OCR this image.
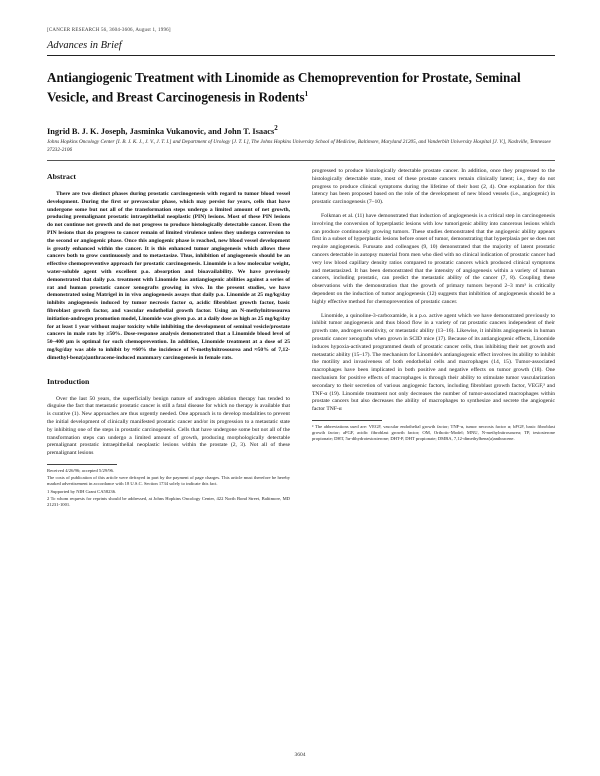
[CANCER RESEARCH 56, 3604-3606, August 1, 1996]
Advances in Brief
Antiangiogenic Treatment with Linomide as Chemoprevention for Prostate, Seminal Vesicle, and Breast Carcinogenesis in Rodents$^1$
Ingrid B. J. K. Joseph, Jasminka Vukanovic, and John T. Isaacs$^2$
Johns Hopkins Oncology Center [I. B. J. K. J., J. V., J. T. I.] and Department of Urology [J. T. I.], The Johns Hopkins University School of Medicine, Baltimore, Maryland 21205, and Vanderbilt University Hospital [J. V.], Nashville, Tennessee 37232-2106
Abstract

There are two distinct phases during prostatic carcinogenesis with regard to tumor blood vessel development. During the first or prevascular phase, which may persist for years, cells that have undergone some but not all of the transformation steps undergo a limited amount of net growth, producing premalignant prostatic intraepithelial neoplastic (PIN) lesions. Most of these PIN lesions do not continue net growth and do not progress to produce histologically detectable cancer. Even the PIN lesions that do progress to cancer remain of limited virulence unless they undergo conversion to the second or angiogenic phase. Once this angiogenic phase is reached, new blood vessel development is greatly enhanced within the cancer. It is this enhanced tumor angiogenesis which allows these cancers both to grow continuously and to metastasize. Thus, inhibition of angiogenesis should be an effective chemopreventive approach for prostatic carcinogenesis. Linomide is a low molecular weight, water-soluble agent with excellent p.o. absorption and bioavailability. We have previously demonstrated that daily p.o. treatment with Linomide has antiangiogenic abilities against a series of rat and human prostatic cancer xenografts growing in vivo. In the present studies, we have demonstrated using Matrigel in in vivo angiogenesis assays that daily p.o. Linomide at 25 mg/kg/day inhibits angiogenesis induced by tumor necrosis factor α, acidic fibroblast growth factor, basic fibroblast growth factor, and vascular endothelial growth factor. Using an N-methylnitrosourea initiation-androgen promotion model, Linomide was given p.o. at a daily dose as high as 25 mg/kg/day for at least 1 year without major toxicity while inhibiting the development of seminal vesicle/prostate cancers in male rats by ≥50%. Dose-response analysis demonstrated that a Linomide blood level of 50–400 μm is optimal for such chemoprevention. In addition, Linomide treatment at a dose of 25 mg/kg/day was able to inhibit by ≈60% the incidence of N-methylnitrosourea and ≈50% of 7,12-dimethyl-benz(a)anthracene-induced mammary carcinogenesis in female rats.

Introduction

Over the last 50 years, the superficially benign nature of androgen ablation therapy has tended to disguise the fact that metastatic prostatic cancer is still a fatal disease for which no therapy is available that is curative (1). New approaches are thus urgently needed. One approach is to develop modalities to prevent the initial development of clinically manifested prostatic cancer and/or its progression to a metastatic state by inhibiting one of the steps in prostatic carcinogenesis. Cells that have undergone some but not all of the transformation steps can undergo a limited amount of growth, producing morphologically detectable premalignant prostatic intraepithelial neoplastic lesions within the prostate (2, 3). Not all of these premalignant lesions

Received 4/26/96; accepted 5/29/96.

The costs of publication of this article were defrayed in part by the payment of page charges. This article must therefore be hereby marked advertisement in accordance with 18 U.S.C. Section 1734 solely to indicate this fact.

1 Supported by NIH Grant CA58236.

2 To whom requests for reprints should be addressed, at Johns Hopkins Oncology Center, 422 North Bond Street, Baltimore, MD 21231-1001.

progressed to produce histologically detectable prostate cancer. In addition, once they progressed to the histologically detectable state, most of these prostate cancers remain clinically latent; i.e., they do not progress to produce clinical symptoms during the lifetime of their host (2, 4). One explanation for this latency has been proposed based on the role of the development of new blood vessels (i.e., angiogenic) in prostatic carcinogenesis (7–10).

Folkman et al. (11) have demonstrated that induction of angiogenesis is a critical step in carcinogenesis involving the conversion of hyperplastic lesions with low tumorigenic ability into cancerous lesions which can produce continuously growing tumors. These studies demonstrated that the angiogenic ability appears first in a subset of hyperplastic lesions before onset of tumor, demonstrating that hyperplasia per se does not require angiogenesis. Furusato and colleagues (9, 10) demonstrated that the majority of latent prostatic cancers detectable in autopsy material from men who died with no clinical indication of prostatic cancer had very low blood capillary density ratios compared to prostatic cancers which produced clinical symptoms and metastasized. It has been demonstrated that the intensity of angiogenesis within a variety of human cancers, including prostatic, can predict the metastatic ability of the cancer (7, 8). Coupling these observations with the demonstration that the growth of primary tumors beyond 2–3 mm³ is critically dependent on the induction of tumor angiogenesis (12) suggests that inhibition of angiogenesis should be a highly effective method for chemoprevention of prostatic cancer.

Linomide, a quinoline-3-carboxamide, is a p.o. active agent which we have demonstrated previously to inhibit tumor angiogenesis and thus blood flow in a variety of rat prostatic cancers independent of their growth rate, androgen sensitivity, or metastatic ability (13–16). Likewise, it inhibits angiogenesis in human prostatic cancer xenografts when grown in SCID mice (17). Because of its antiangiogenic effects, Linomide induces hypoxia-activated programmed death of prostatic cancer cells, thus inhibiting their net growth and metastatic ability (15–17). The mechanism for Linomide's antiangiogenic effect involves its ability to inhibit the motility and invasiveness of both endothelial cells and macrophages (14, 15). Tumor-associated macrophages have been implicated in both positive and negative effects on tumor growth (18). One mechanism for positive effects of macrophages is through their ability to stimulate tumor vascularization secondary to their secretion of various angiogenic factors, including fibroblast growth factor, VEGF,³ and TNF-α (19). Linomide treatment not only decreases the number of tumor-associated macrophages within prostate cancers but also decreases the ability of macrophages to synthesize and secrete the angiogenic factor TNF-α

³ The abbreviations used are: VEGF, vascular endothelial growth factor; TNF-α, tumor necrosis factor α; bFGF, basic fibroblast growth factor; aFGF, acidic fibroblast growth factor; OM, Orthotic-Model; MNU, N-methylnitrosourea; TP, testosterone propionate; DHT, 5α-dihydrotestosterone; DHT-P, DHT propionate; DMBA, 7,12-dimethylbenz(a)anthracene.

3604
